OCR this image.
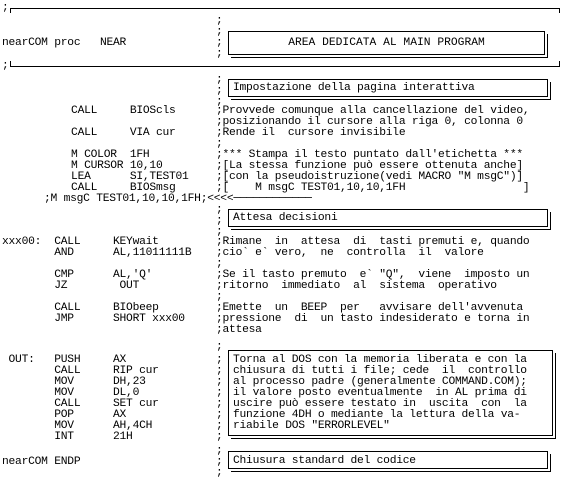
;
;
nearCOM proc   NEAR
;
;
;
AREA DEDICATA AL MAIN PROGRAM
;
;
;
;
Impostazione della pagina interattiva
CALL     BIOScls	;Provvede comunque alla cancellazione del video,
;posizionando il cursore alla riga 0, colonna 0
CALL     VIA cur	;Rende il  cursore invisibile
;
M COLOR  1FH	;*** Stampa il testo puntato dall'etichetta ***
M CURSOR 10,10	;[La stessa funzione può essere ottenuta anche]
LEA      SI,TEST01 ;[con la pseudoistruzione(vedi MACRO "M msgC")]
CALL     BIOSmsg	;[    M msgC TEST01,10,10,1FH                  ]
;M msgC TEST01,10,10,1FH;<<<<────────────
;
;
;
Attesa decisioni
xxx00:  CALL     KEYwait	;Rimane  in  attesa  di  tasti premuti e, quando
AND      AL,11011111B ;cio` e` vero,  ne  controlla  il  valore
;
CMP      AL,'Q'	;Se il tasto premuto  e` "Q",  viene  imposto un
JZ        OUT	;ritorno  immediato  al  sistema  operativo
;
CALL     BIObeep	;Emette  un  BEEP  per   avvisare dell'avvenuta
JMP      SHORT xxx00	;pressione  di  un tasto indesiderato e torna in
;attesa
;
OUT:   PUSH     AX	; Torna al DOS con la memoria liberata e con la
CALL     RIP cur	; chiusura di tutti i file; cede  il  controllo
MOV      DH,23	; al processo padre (generalmente COMMAND.COM);
MOV      DL,0	; il valore posto eventualmente  in AL prima di
CALL     SET cur	; uscire può essere testato in  uscita  con  la
POP      AX	; funzione 4DH o mediante la lettura della va-
MOV      AH,4CH	; riabile DOS "ERRORLEVEL"
INT      21H	;
;
nearCOM ENDP	;
;
Chiusura standard del codice
